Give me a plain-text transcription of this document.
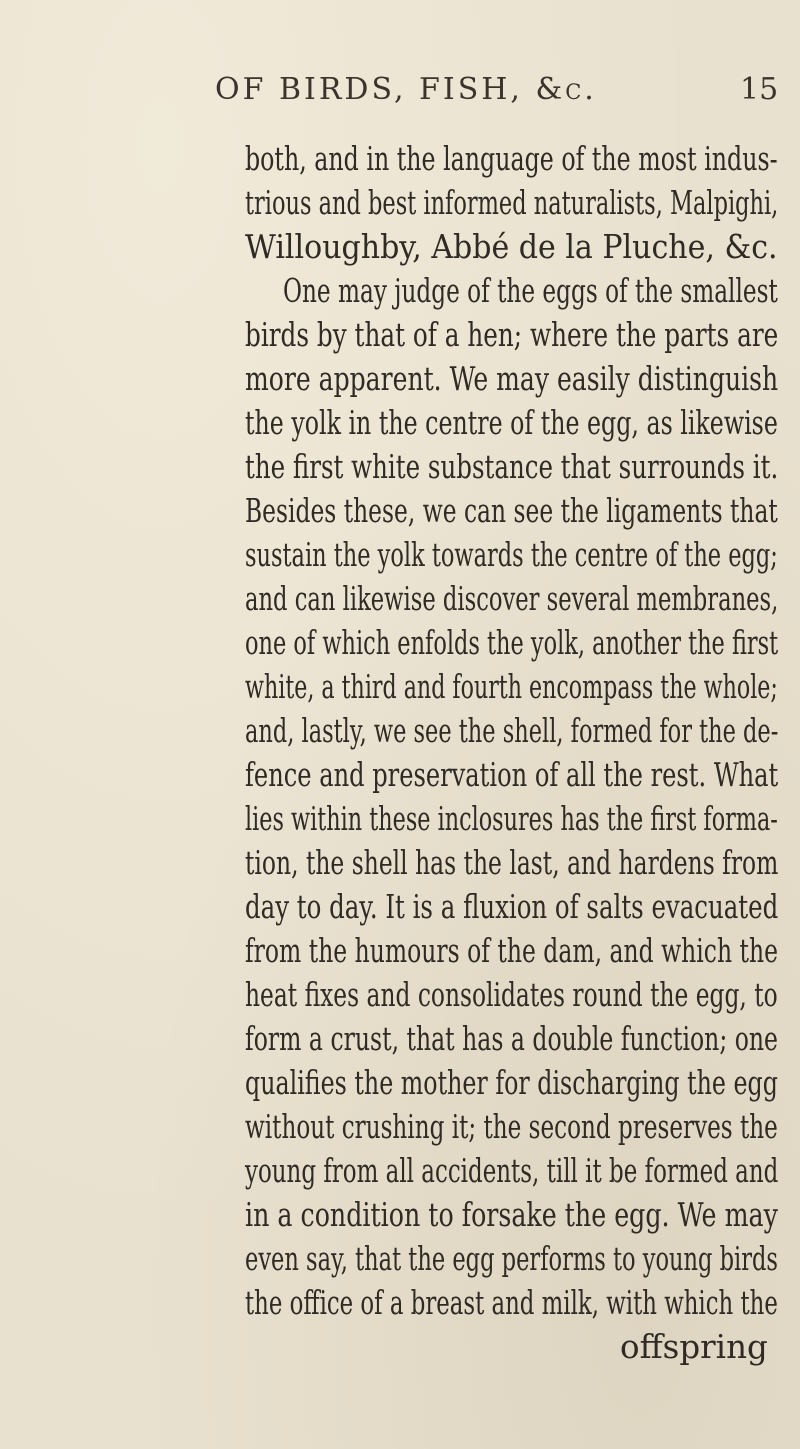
OF BIRDS, FISH, &c.	15
both, and in the language of the most indus-
trious and best informed naturalists, Malpighi,
Willoughby, Abbé de la Pluche, &c.
One may judge of the eggs of the smallest
birds by that of a hen; where the parts are
more apparent. We may easily distinguish
the yolk in the centre of the egg, as likewise
the first white substance that surrounds it.
Besides these, we can see the ligaments that
sustain the yolk towards the centre of the egg;
and can likewise discover several membranes,
one of which enfolds the yolk, another the first
white, a third and fourth encompass the whole;
and, lastly, we see the shell, formed for the de-
fence and preservation of all the rest. What
lies within these inclosures has the first forma-
tion, the shell has the last, and hardens from
day to day. It is a fluxion of salts evacuated
from the humours of the dam, and which the
heat fixes and consolidates round the egg, to
form a crust, that has a double function; one
qualifies the mother for discharging the egg
without crushing it; the second preserves the
young from all accidents, till it be formed and
in a condition to forsake the egg. We may
even say, that the egg performs to young birds
the office of a breast and milk, with which the
offspring
